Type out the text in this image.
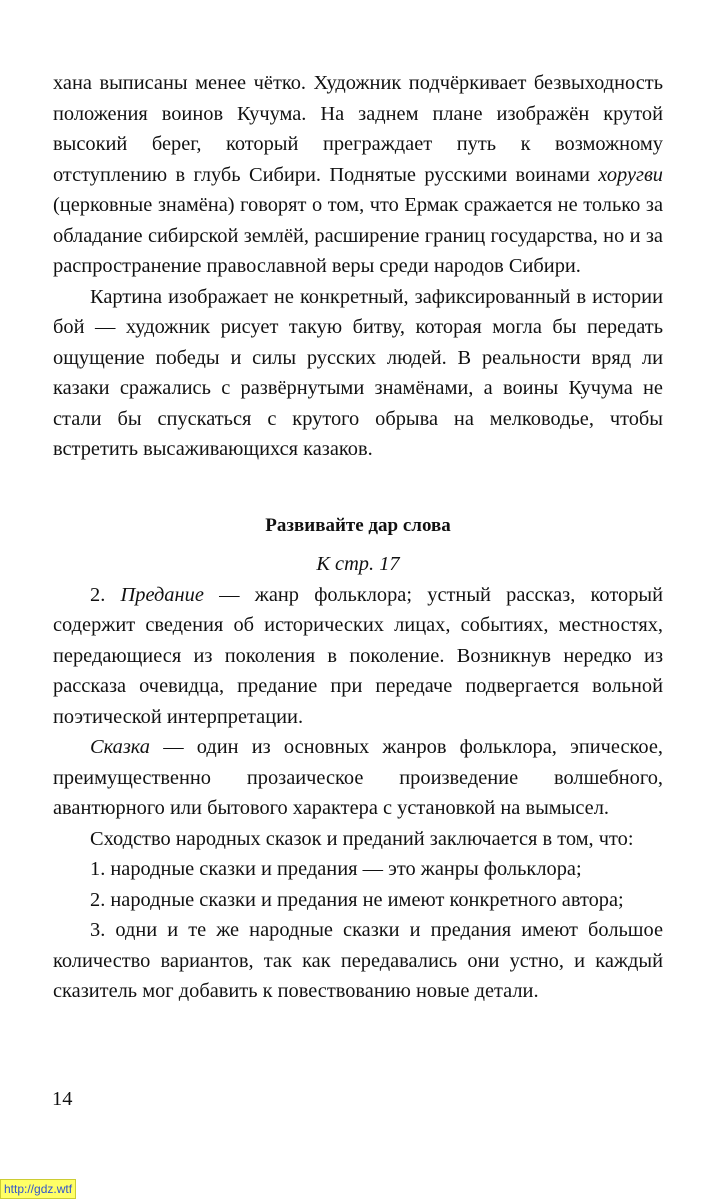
хана выписаны менее чётко. Художник подчёркивает безвыходность положения воинов Кучума. На заднем плане изображён крутой высокий берег, который преграждает путь к возможному отступлению в глубь Сибири. Поднятые русскими воинами хоругви (церковные знамёна) говорят о том, что Ермак сражается не только за обладание сибирской землёй, расширение границ государства, но и за распространение православной веры среди народов Сибири.

Картина изображает не конкретный, зафиксированный в истории бой — художник рисует такую битву, которая могла бы передать ощущение победы и силы русских людей. В реальности вряд ли казаки сражались с развёрнутыми знамёнами, а воины Кучума не стали бы спускаться с крутого обрыва на мелководье, чтобы встретить высаживающихся казаков.

Развивайте дар слова

К стр. 17

2. Предание — жанр фольклора; устный рассказ, который содержит сведения об исторических лицах, событиях, местностях, передающиеся из поколения в поколение. Возникнув нередко из рассказа очевидца, предание при передаче подвергается вольной поэтической интерпретации.

Сказка — один из основных жанров фольклора, эпическое, преимущественно прозаическое произведение волшебного, авантюрного или бытового характера с установкой на вымысел.

Сходство народных сказок и преданий заключается в том, что:

1. народные сказки и предания — это жанры фольклора;

2. народные сказки и предания не имеют конкретного автора;

3. одни и те же народные сказки и предания имеют большое количество вариантов, так как передавались они устно, и каждый сказитель мог добавить к повествованию новые детали.

14
http://gdz.wtf
